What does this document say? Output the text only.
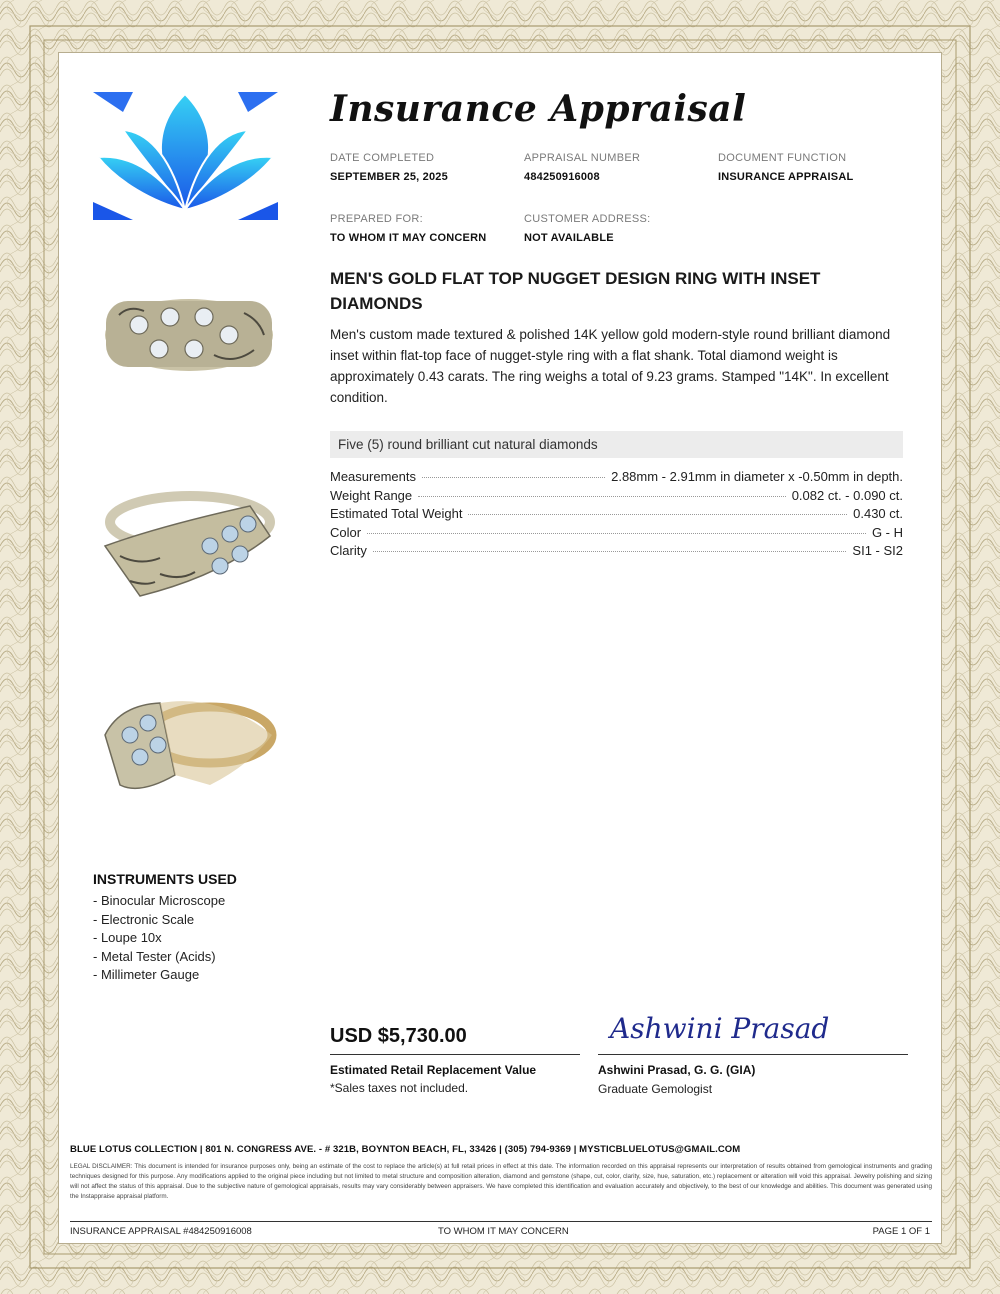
Insurance Appraisal
DATE COMPLETED
SEPTEMBER 25, 2025
APPRAISAL NUMBER
484250916008
DOCUMENT FUNCTION
INSURANCE APPRAISAL
PREPARED FOR:
TO WHOM IT MAY CONCERN
CUSTOMER ADDRESS:
NOT AVAILABLE
MEN'S GOLD FLAT TOP NUGGET DESIGN RING WITH INSET DIAMONDS
Men's custom made textured & polished 14K yellow gold modern-style round brilliant diamond inset within flat-top face of nugget-style ring with a flat shank. Total diamond weight is approximately 0.43 carats. The ring weighs a total of 9.23 grams. Stamped "14K". In excellent condition.
Five (5) round brilliant cut natural diamonds
Measurements	2.88mm - 2.91mm in diameter x -0.50mm in depth.
Weight Range	0.082 ct. - 0.090 ct.
Estimated Total Weight	0.430 ct.
Color	G - H
Clarity	SI1 - SI2
INSTRUMENTS USED
- Binocular Microscope
- Electronic Scale
- Loupe 10x
- Metal Tester (Acids)
- Millimeter Gauge
USD $5,730.00
Estimated Retail Replacement Value
*Sales taxes not included.
Ashwini Prasad
Ashwini Prasad, G. G. (GIA)
Graduate Gemologist
BLUE LOTUS COLLECTION | 801 N. CONGRESS AVE. - # 321B, BOYNTON BEACH, FL, 33426 | (305) 794-9369 | MYSTICBLUELOTUS@GMAIL.COM
LEGAL DISCLAIMER: This document is intended for insurance purposes only, being an estimate of the cost to replace the article(s) at full retail prices in effect at this date. The information recorded on this appraisal represents our interpretation of results obtained from gemological instruments and grading techniques designed for this purpose. Any modifications applied to the original piece including but not limited to metal structure and composition alteration, diamond and gemstone (shape, cut, color, clarity, size, hue, saturation, etc.) replacement or alteration will void this appraisal. Jewelry polishing and sizing will not affect the status of this appraisal. Due to the subjective nature of gemological appraisals, results may vary considerably between appraisers. We have completed this identification and evaluation accurately and objectively, to the best of our knowledge and abilities. This document was generated using the Instappraise appraisal platform.
INSURANCE APPRAISAL #484250916008	TO WHOM IT MAY CONCERN	PAGE 1 OF 1
